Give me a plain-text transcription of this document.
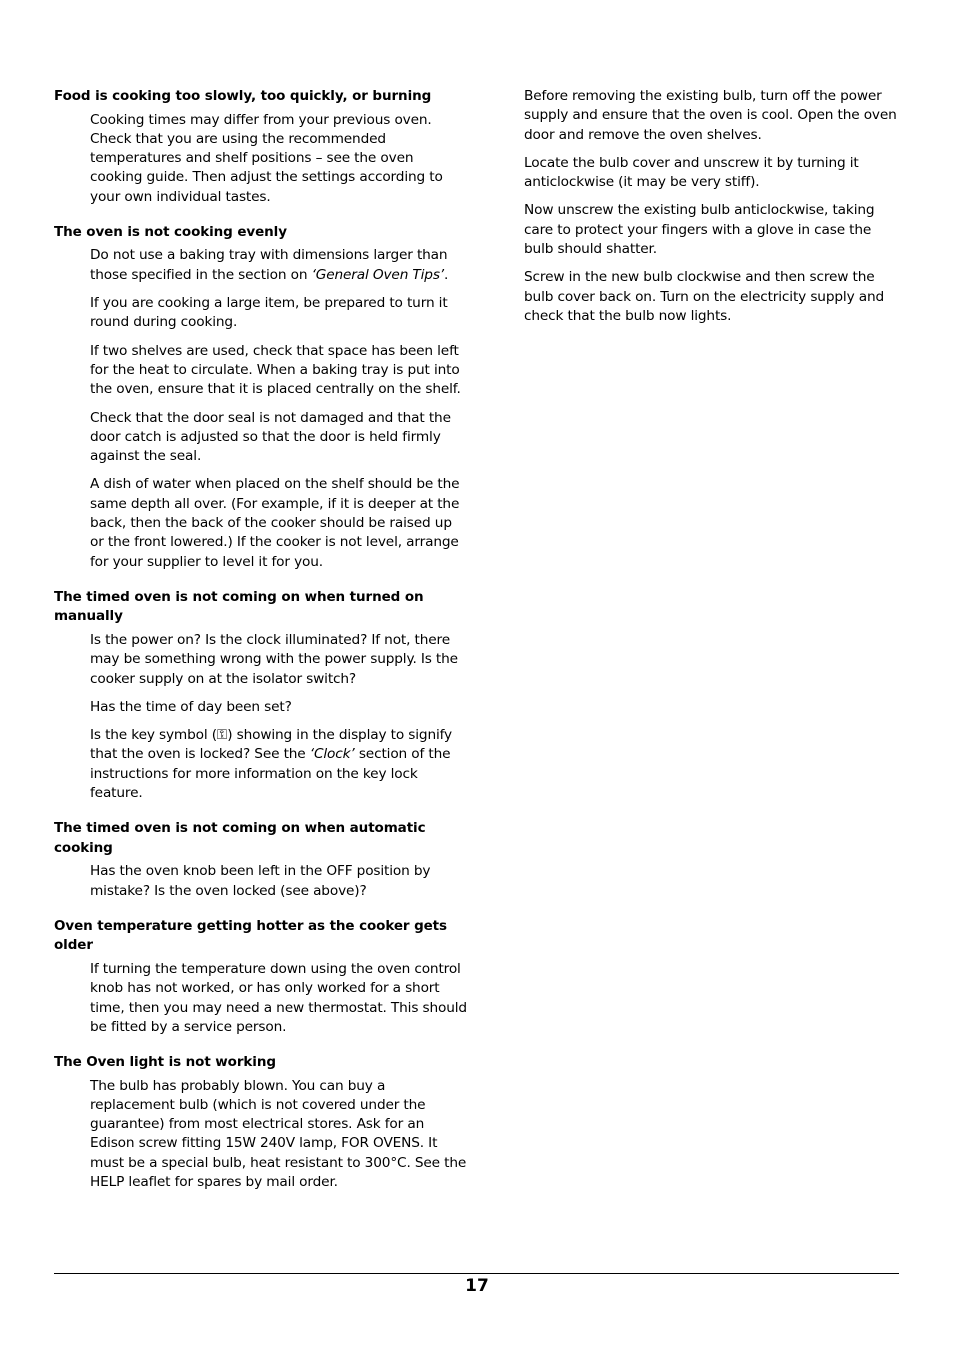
Food is cooking too slowly, too quickly, or burning

Cooking times may differ from your previous oven. Check that you are using the recommended temperatures and shelf positions – see the oven cooking guide. Then adjust the settings according to your own individual tastes.

The oven is not cooking evenly

Do not use a baking tray with dimensions larger than those specified in the section on ‘General Oven Tips’.

If you are cooking a large item, be prepared to turn it round during cooking.

If two shelves are used, check that space has been left for the heat to circulate. When a baking tray is put into the oven, ensure that it is placed centrally on the shelf.

Check that the door seal is not damaged and that the door catch is adjusted so that the door is held firmly against the seal.

A dish of water when placed on the shelf should be the same depth all over. (For example, if it is deeper at the back, then the back of the cooker should be raised up or the front lowered.) If the cooker is not level, arrange for your supplier to level it for you.

The timed oven is not coming on when turned on manually

Is the power on? Is the clock illuminated? If not, there may be something wrong with the power supply. Is the cooker supply on at the isolator switch?

Has the time of day been set?

Is the key symbol (⚿) showing in the display to signify that the oven is locked? See the ‘Clock’ section of the instructions for more information on the key lock feature.

The timed oven is not coming on when automatic cooking

Has the oven knob been left in the OFF position by mistake? Is the oven locked (see above)?

Oven temperature getting hotter as the cooker gets older

If turning the temperature down using the oven control knob has not worked, or has only worked for a short time, then you may need a new thermostat. This should be fitted by a service person.

The Oven light is not working

The bulb has probably blown. You can buy a replacement bulb (which is not covered under the guarantee) from most electrical stores. Ask for an Edison screw fitting 15W 240V lamp, FOR OVENS. It must be a special bulb, heat resistant to 300°C. See the HELP leaflet for spares by mail order.

Before removing the existing bulb, turn off the power supply and ensure that the oven is cool. Open the oven door and remove the oven shelves.

Locate the bulb cover and unscrew it by turning it anticlockwise (it may be very stiff).

Now unscrew the existing bulb anticlockwise, taking care to protect your fingers with a glove in case the bulb should shatter.

Screw in the new bulb clockwise and then screw the bulb cover back on. Turn on the electricity supply and check that the bulb now lights.

17
